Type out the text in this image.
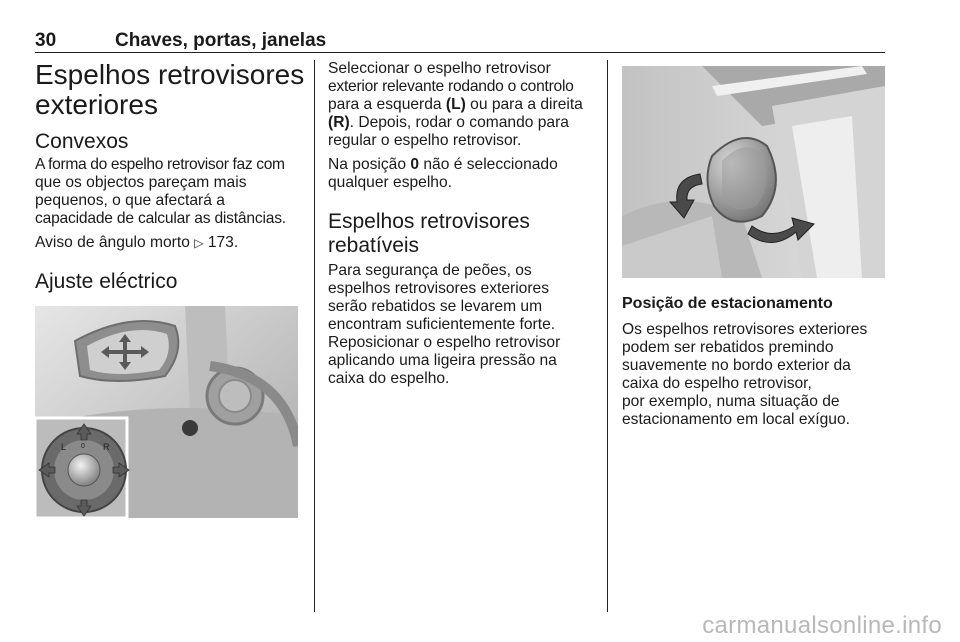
30	Chaves, portas, janelas
Espelhos retrovisores
exteriores
Convexos

A forma do espelho retrovisor faz com
que os objectos pareçam mais
pequenos, o que afectará a
capacidade de calcular as distâncias.

Aviso de ângulo morto ▷ 173.

Ajuste eléctrico
L	R
0

Seleccionar o espelho retrovisor
exterior relevante rodando o controlo
para a esquerda (L) ou para a direita
(R). Depois, rodar o comando para
regular o espelho retrovisor.

Na posição 0 não é seleccionado
qualquer espelho.

Espelhos retrovisores
rebatíveis

Para segurança de peões, os
espelhos retrovisores exteriores
serão rebatidos se levarem um
encontram suficientemente forte.
Reposicionar o espelho retrovisor
aplicando uma ligeira pressão na
caixa do espelho.

Posição de estacionamento

Os espelhos retrovisores exteriores
podem ser rebatidos premindo
suavemente no bordo exterior da
caixa do espelho retrovisor,
por exemplo, numa situação de
estacionamento em local exíguo.

carmanualsonline.info
